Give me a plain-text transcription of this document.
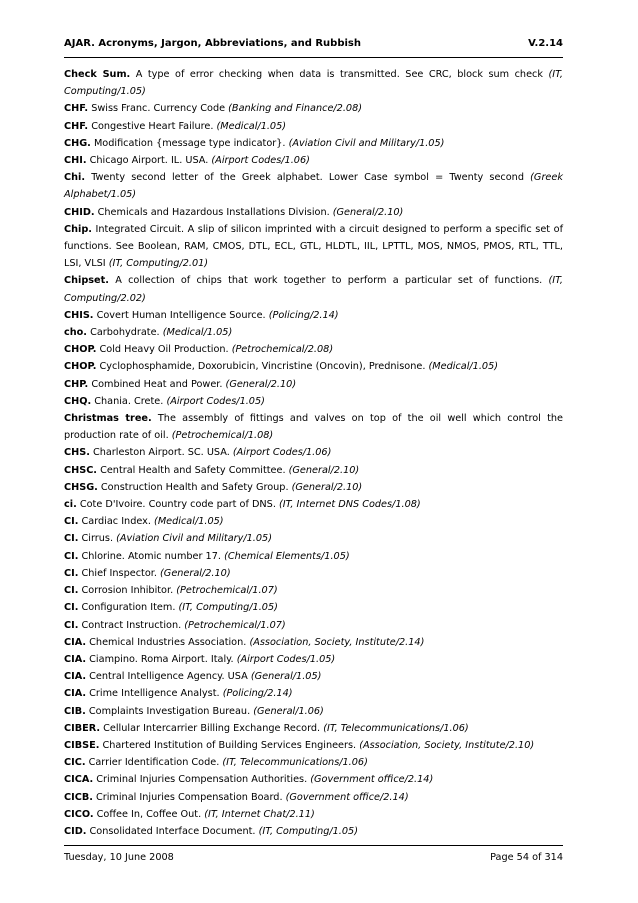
AJAR. Acronyms, Jargon, Abbreviations, and Rubbish	V.2.14

Check Sum. A type of error checking when data is transmitted. See CRC, block sum check (IT, Computing/1.05)

CHF. Swiss Franc. Currency Code (Banking and Finance/2.08)

CHF. Congestive Heart Failure. (Medical/1.05)

CHG. Modification {message type indicator}. (Aviation Civil and Military/1.05)

CHI. Chicago Airport. IL. USA. (Airport Codes/1.06)

Chi. Twenty second letter of the Greek alphabet. Lower Case symbol = Twenty second (Greek Alphabet/1.05)

CHID. Chemicals and Hazardous Installations Division. (General/2.10)

Chip. Integrated Circuit. A slip of silicon imprinted with a circuit designed to perform a specific set of functions. See Boolean, RAM, CMOS, DTL, ECL, GTL, HLDTL, IIL, LPTTL, MOS, NMOS, PMOS, RTL, TTL, LSI, VLSI (IT, Computing/2.01)

Chipset. A collection of chips that work together to perform a particular set of functions. (IT, Computing/2.02)

CHIS. Covert Human Intelligence Source. (Policing/2.14)

cho. Carbohydrate. (Medical/1.05)

CHOP. Cold Heavy Oil Production. (Petrochemical/2.08)

CHOP. Cyclophosphamide, Doxorubicin, Vincristine (Oncovin), Prednisone. (Medical/1.05)

CHP. Combined Heat and Power. (General/2.10)

CHQ. Chania. Crete. (Airport Codes/1.05)

Christmas tree. The assembly of fittings and valves on top of the oil well which control the production rate of oil. (Petrochemical/1.08)

CHS. Charleston Airport. SC. USA. (Airport Codes/1.06)

CHSC. Central Health and Safety Committee. (General/2.10)

CHSG. Construction Health and Safety Group. (General/2.10)

ci. Cote D'Ivoire. Country code part of DNS. (IT, Internet DNS Codes/1.08)

CI. Cardiac Index. (Medical/1.05)

CI. Cirrus. (Aviation Civil and Military/1.05)

CI. Chlorine. Atomic number 17. (Chemical Elements/1.05)

CI. Chief Inspector. (General/2.10)

CI. Corrosion Inhibitor. (Petrochemical/1.07)

CI. Configuration Item. (IT, Computing/1.05)

CI. Contract Instruction. (Petrochemical/1.07)

CIA. Chemical Industries Association. (Association, Society, Institute/2.14)

CIA. Ciampino. Roma Airport. Italy. (Airport Codes/1.05)

CIA. Central Intelligence Agency. USA (General/1.05)

CIA. Crime Intelligence Analyst. (Policing/2.14)

CIB. Complaints Investigation Bureau. (General/1.06)

CIBER. Cellular Intercarrier Billing Exchange Record. (IT, Telecommunications/1.06)

CIBSE. Chartered Institution of Building Services Engineers. (Association, Society, Institute/2.10)

CIC. Carrier Identification Code. (IT, Telecommunications/1.06)

CICA. Criminal Injuries Compensation Authorities. (Government office/2.14)

CICB. Criminal Injuries Compensation Board. (Government office/2.14)

CICO. Coffee In, Coffee Out. (IT, Internet Chat/2.11)

CID. Consolidated Interface Document. (IT, Computing/1.05)

Tuesday, 10 June 2008	Page 54 of 314
